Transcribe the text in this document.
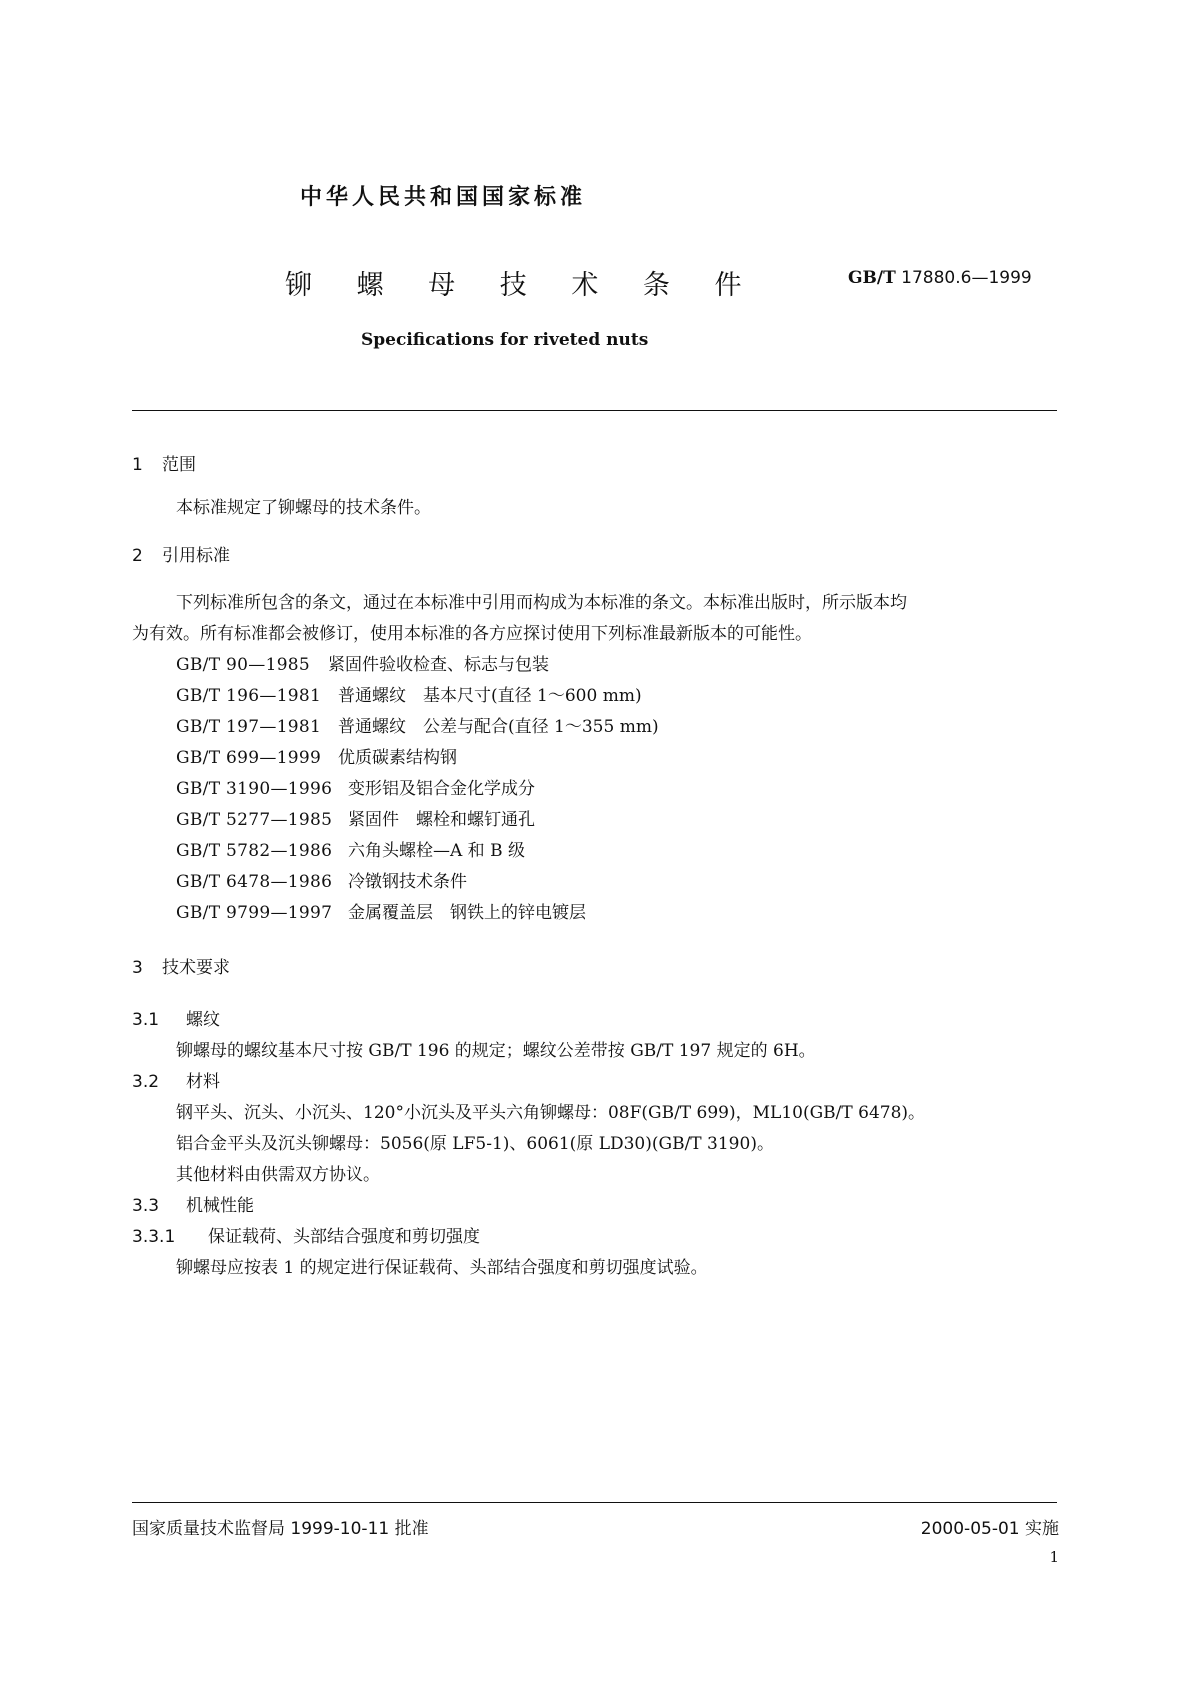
中华人民共和国国家标准
铆 螺 母 技 术 条 件	GB/T 17880.6—1999
Specifications for riveted nuts
1 范围
本标准规定了铆螺母的技术条件。
2 引用标准
下列标准所包含的条文，通过在本标准中引用而构成为本标准的条文。本标准出版时，所示版本均
为有效。所有标准都会被修订，使用本标准的各方应探讨使用下列标准最新版本的可能性。
GB/T 90—1985 紧固件验收检查、标志与包装
GB/T 196—1981 普通螺纹　基本尺寸(直径 1～600 mm)
GB/T 197—1981 普通螺纹　公差与配合(直径 1～355 mm)
GB/T 699—1999 优质碳素结构钢
GB/T 3190—1996 变形铝及铝合金化学成分
GB/T 5277—1985 紧固件　螺栓和螺钉通孔
GB/T 5782—1986 六角头螺栓—A 和 B 级
GB/T 6478—1986 冷镦钢技术条件
GB/T 9799—1997 金属覆盖层　钢铁上的锌电镀层
3 技术要求
3.1 螺纹
铆螺母的螺纹基本尺寸按 GB/T 196 的规定；螺纹公差带按 GB/T 197 规定的 6H。
3.2 材料
钢平头、沉头、小沉头、120°小沉头及平头六角铆螺母：08F(GB/T 699)，ML10(GB/T 6478)。
铝合金平头及沉头铆螺母：5056(原 LF5-1)、6061(原 LD30)(GB/T 3190)。
其他材料由供需双方协议。
3.3 机械性能
3.3.1 保证载荷、头部结合强度和剪切强度
铆螺母应按表 1 的规定进行保证载荷、头部结合强度和剪切强度试验。
国家质量技术监督局 1999-10-11 批准	2000-05-01 实施
1
